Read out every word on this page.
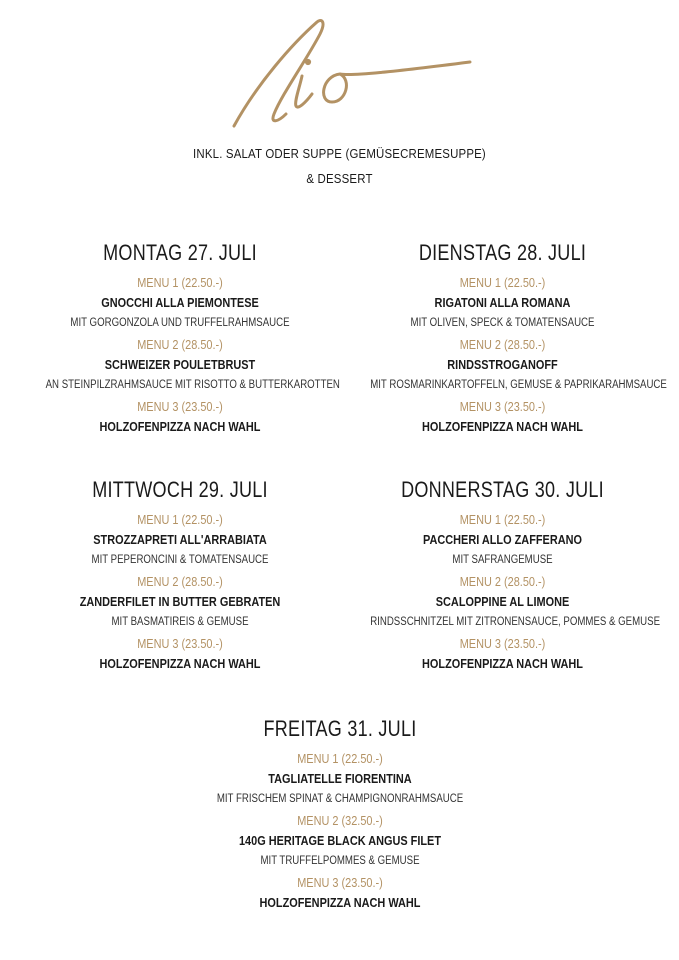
INKL. SALAT ODER SUPPE (GEMÜSECREMESUPPE)
& DESSERT
MONTAG 27. JULI
MENU 1 (22.50.-)
GNOCCHI ALLA PIEMONTESE
MIT GORGONZOLA UND TRÜFFELRAHMSAUCE
MENU 2 (28.50.-)
SCHWEIZER POULETBRUST
AN STEINPILZRAHMSAUCE MIT RISOTTO & BUTTERKAROTTEN
MENU 3 (23.50.-)
HOLZOFENPIZZA NACH WAHL
DIENSTAG 28. JULI
MENU 1 (22.50.-)
RIGATONI ALLA ROMANA
MIT OLIVEN, SPECK & TOMATENSAUCE
MENU 2 (28.50.-)
RINDSSTROGANOFF
MIT ROSMARINKARTOFFELN, GEMÜSE & PAPRIKARAHMSAUCE
MENU 3 (23.50.-)
HOLZOFENPIZZA NACH WAHL
MITTWOCH 29. JULI
MENU 1 (22.50.-)
STROZZAPRETI ALL'ARRABIATA
MIT PEPERONCINI & TOMATENSAUCE
MENU 2 (28.50.-)
ZANDERFILET IN BUTTER GEBRATEN
MIT BASMATIREIS & GEMÜSE
MENU 3 (23.50.-)
HOLZOFENPIZZA NACH WAHL
DONNERSTAG 30. JULI
MENU 1 (22.50.-)
PACCHERI ALLO ZAFFERANO
MIT SAFRANGEMÜSE
MENU 2 (28.50.-)
SCALOPPINE AL LIMONE
RINDSSCHNITZEL MIT ZITRONENSAUCE, POMMES & GEMÜSE
MENU 3 (23.50.-)
HOLZOFENPIZZA NACH WAHL
FREITAG 31. JULI
MENU 1 (22.50.-)
TAGLIATELLE FIORENTINA
MIT FRISCHEM SPINAT & CHAMPIGNONRAHMSAUCE
MENU 2 (32.50.-)
140G HERITAGE BLACK ANGUS FILET
MIT TRÜFFELPOMMES & GEMÜSE
MENU 3 (23.50.-)
HOLZOFENPIZZA NACH WAHL
